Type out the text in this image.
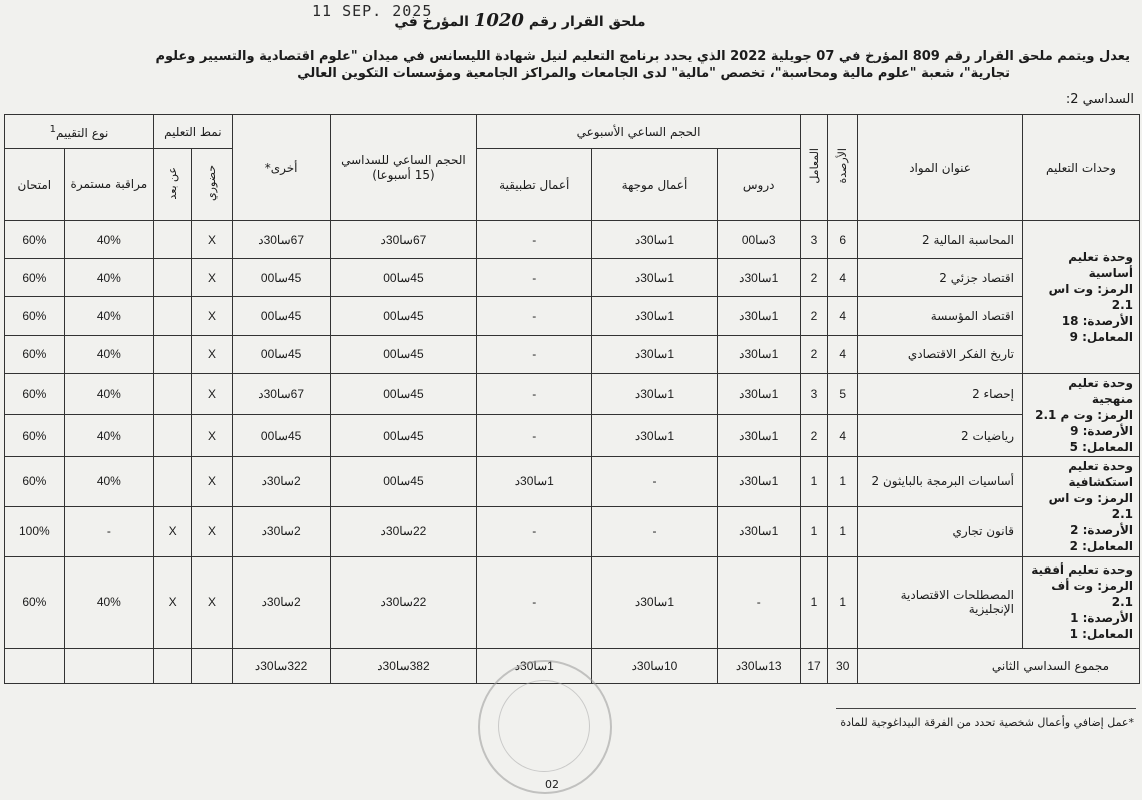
11 SEP. 2025
ملحق القرار رقم 1020 المؤرخ في
يعدل ويتمم ملحق القرار رقم 809 المؤرخ في 07 جويلية 2022 الذي يحدد برنامج التعليم لنيل شهادة الليسانس في ميدان "علوم اقتصادية والتسيير وعلوم
تجارية"، شعبة "علوم مالية ومحاسبة"، تخصص "مالية" لدى الجامعات والمراكز الجامعية ومؤسسات التكوين العالي
السداسي 2:
وحدات التعليم	عنوان المواد	الأرصدة	المعامل	الحجم الساعي الأسبوعي			الحجم الساعي للسداسي (15 أسبوعا)	أخرى*	نمط التعليم		نوع التقييم$^1$
				دروس	أعمال موجهة	أعمال تطبيقية			حضوري	عن بعد	مراقبة مستمرة	امتحان

وحدة تعليم أساسية
الرمز: وت اس 2.1
الأرصدة: 18
المعامل: 9	المحاسبة المالية 2	6	3	3سا00	1سا30د	-	67سا30د	67سا30د	X		40%	60%
	اقتصاد جزئي 2	4	2	1سا30د	1سا30د	-	45سا00	45سا00	X		40%	60%
	اقتصاد المؤسسة	4	2	1سا30د	1سا30د	-	45سا00	45سا00	X		40%	60%
	تاريخ الفكر الاقتصادي	4	2	1سا30د	1سا30د	-	45سا00	45سا00	X		40%	60%

وحدة تعليم منهجية
الرمز: وت م 2.1
الأرصدة: 9
المعامل: 5	إحصاء 2	5	3	1سا30د	1سا30د	-	45سا00	67سا30د	X		40%	60%
	رياضيات 2	4	2	1سا30د	1سا30د	-	45سا00	45سا00	X		40%	60%

وحدة تعليم استكشافية
الرمز: وت اس 2.1
الأرصدة: 2
المعامل: 2	أساسيات البرمجة بالبايثون 2	1	1	1سا30د	-	1سا30د	45سا00	2سا30د	X		40%	60%
	قانون تجاري	1	1	1سا30د	-	-	22سا30د	2سا30د	X	X	-	100%

وحدة تعليم أفقية
الرمز: وت أف 2.1
الأرصدة: 1
المعامل: 1	المصطلحات الاقتصادية الإنجليزية	1	1	-	1سا30د	-	22سا30د	2سا30د	X	X	40%	60%
مجموع السداسي الثاني		30	17	13سا30د	10سا30د	1سا30د	382سا30د	322سا30د				
*عمل إضافي وأعمال شخصية تحدد من الفرقة البيداغوجية للمادة
02
